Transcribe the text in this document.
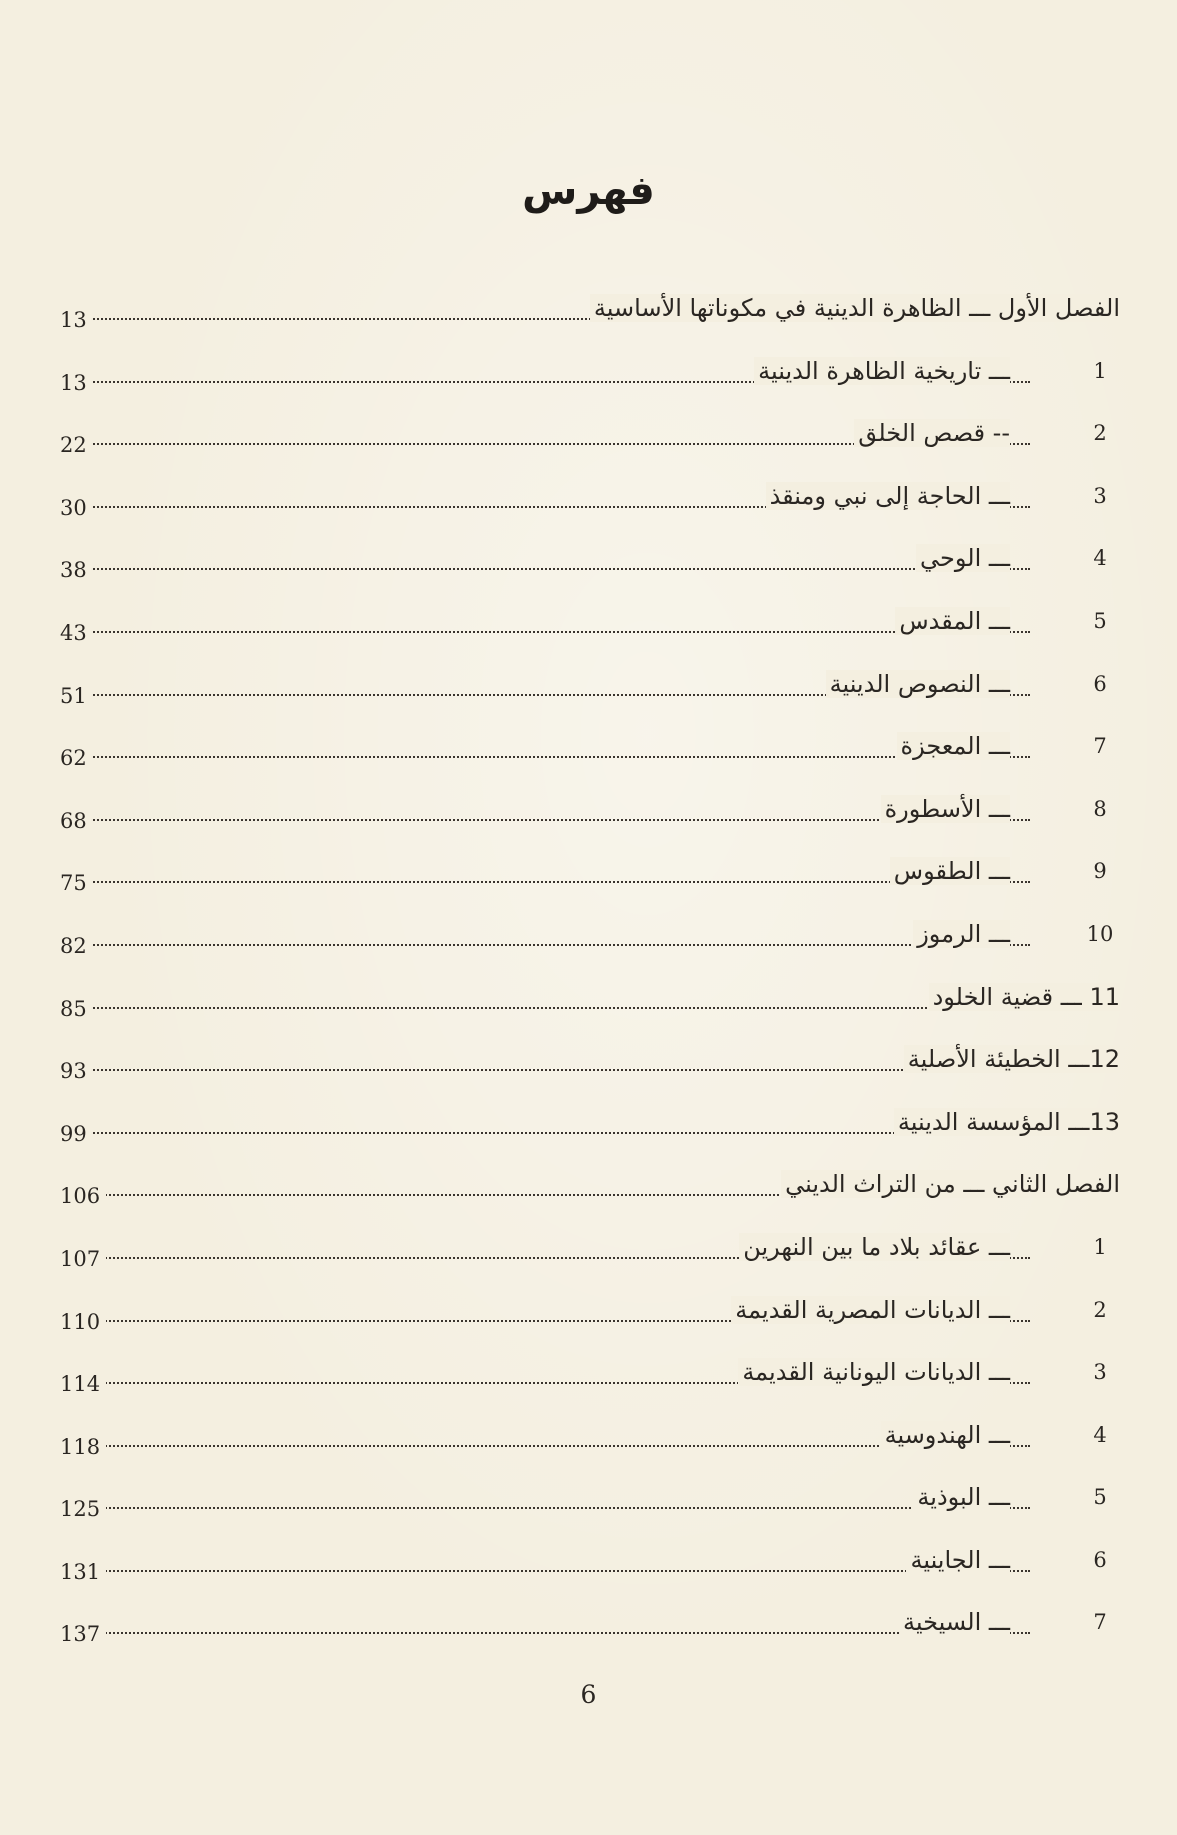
فهرس
الفصل الأول ـــ الظاهرة الدينية في مكوناتها الأساسية
13
1
ـــ تاريخية الظاهرة الدينية
13
2
-- قصص الخلق
22
3
ـــ الحاجة إلى نبي ومنقذ
30
4
ـــ الوحي
38
5
ـــ المقدس
43
6
ـــ النصوص الدينية
51
7
ـــ المعجزة
62
8
ـــ الأسطورة
68
9
ـــ الطقوس
75
10
ـــ الرموز
82
11 ـــ قضية الخلود
85
12ـــ الخطيئة الأصلية
93
13ـــ المؤسسة الدينية
99
الفصل الثاني ـــ من التراث الديني
106
1
ـــ عقائد بلاد ما بين النهرين
107
2
ـــ الديانات المصرية القديمة
110
3
ـــ الديانات اليونانية القديمة
114
4
ـــ الهندوسية
118
5
ـــ البوذية
125
6
ـــ الجاينية
131
7
ـــ السيخية
137
6
